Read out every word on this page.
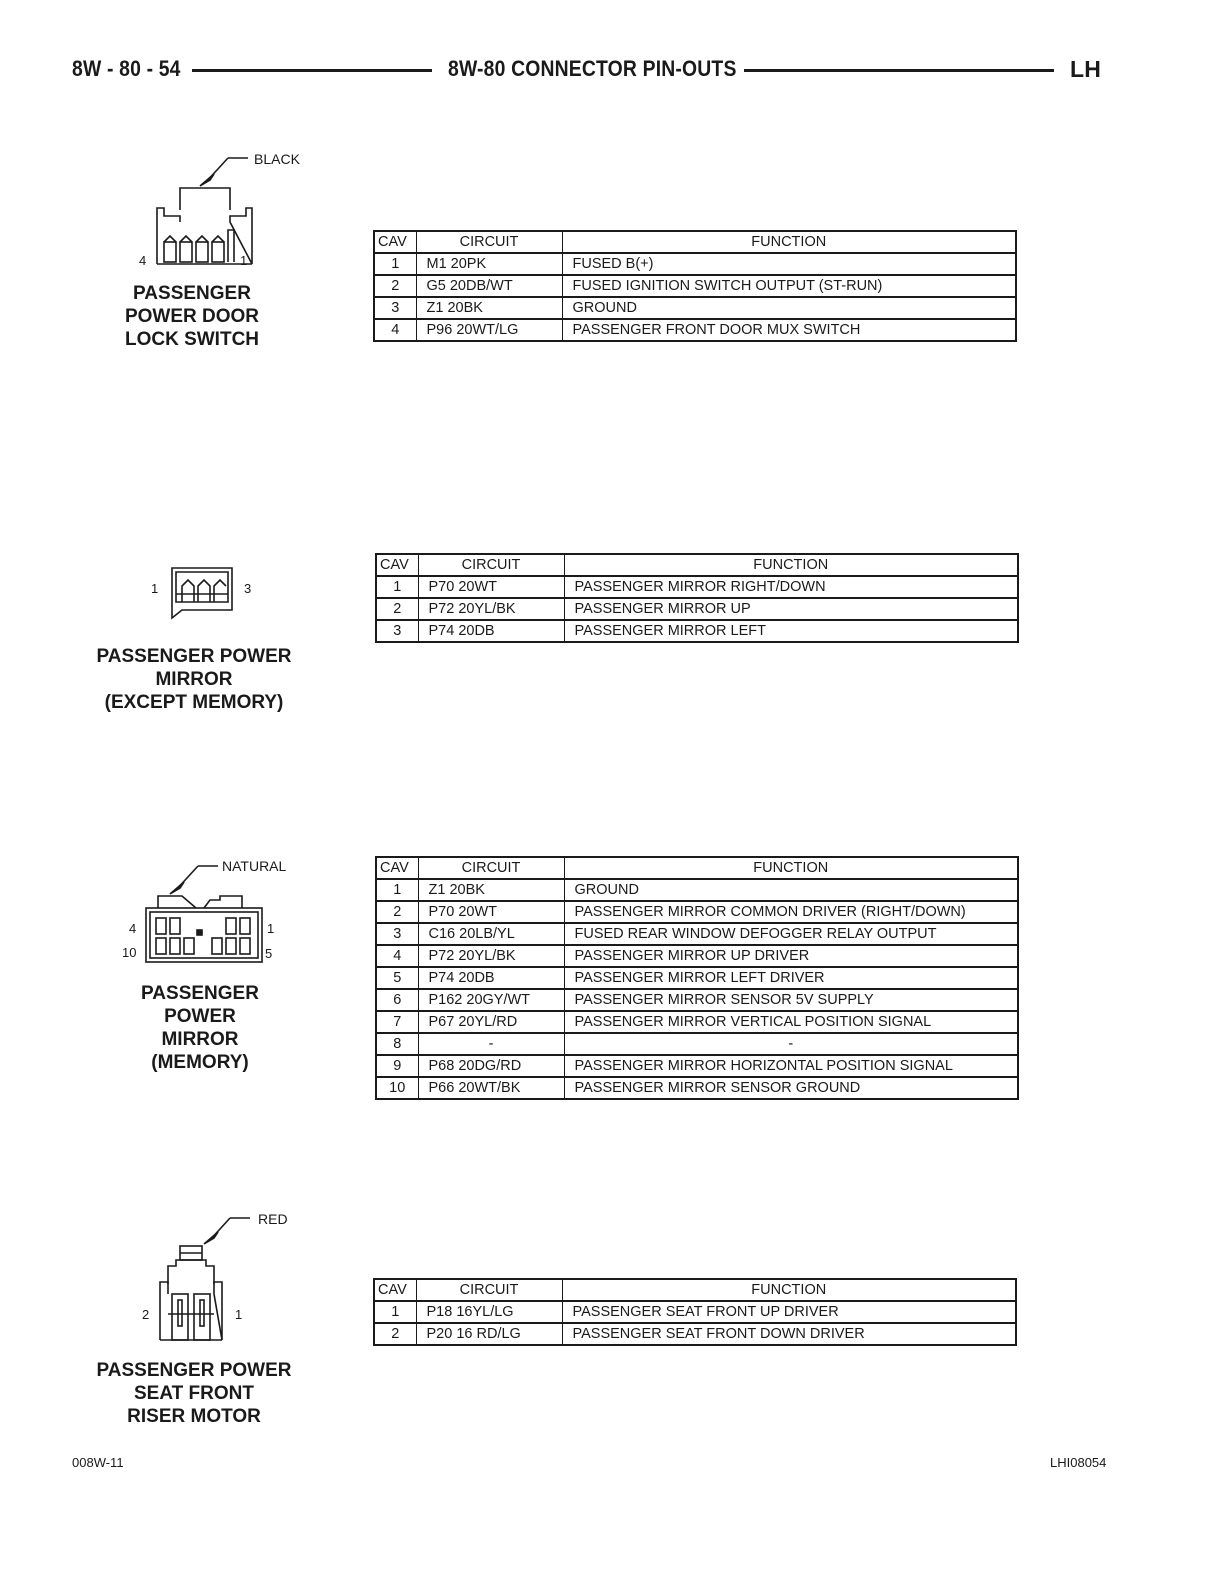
8W - 80 - 54	8W-80 CONNECTOR PIN-OUTS	LH
BLACK
4	1
PASSENGER
POWER DOOR
LOCK SWITCH
CAV	CIRCUIT	FUNCTION
1	M1 20PK	FUSED B(+)
2	G5 20DB/WT	FUSED IGNITION SWITCH OUTPUT (ST-RUN)
3	Z1 20BK	GROUND
4	P96 20WT/LG	PASSENGER FRONT DOOR MUX SWITCH
1	3
PASSENGER POWER
MIRROR
(EXCEPT MEMORY)
CAV	CIRCUIT	FUNCTION
1	P70 20WT	PASSENGER MIRROR RIGHT/DOWN
2	P72 20YL/BK	PASSENGER MIRROR UP
3	P74 20DB	PASSENGER MIRROR LEFT
NATURAL
4
10
1
5
PASSENGER
POWER
MIRROR
(MEMORY)
CAV	CIRCUIT	FUNCTION
1	Z1 20BK	GROUND
2	P70 20WT	PASSENGER MIRROR COMMON DRIVER (RIGHT/DOWN)
3	C16 20LB/YL	FUSED REAR WINDOW DEFOGGER RELAY OUTPUT
4	P72 20YL/BK	PASSENGER MIRROR UP DRIVER
5	P74 20DB	PASSENGER MIRROR LEFT DRIVER
6	P162 20GY/WT	PASSENGER MIRROR SENSOR 5V SUPPLY
7	P67 20YL/RD	PASSENGER MIRROR VERTICAL POSITION SIGNAL
8	-	-
9	P68 20DG/RD	PASSENGER MIRROR HORIZONTAL POSITION SIGNAL
10	P66 20WT/BK	PASSENGER MIRROR SENSOR GROUND
RED
2	1
PASSENGER POWER
SEAT FRONT
RISER MOTOR
CAV	CIRCUIT	FUNCTION
1	P18 16YL/LG	PASSENGER SEAT FRONT UP DRIVER
2	P20 16 RD/LG	PASSENGER SEAT FRONT DOWN DRIVER
008W-11	LHI08054
